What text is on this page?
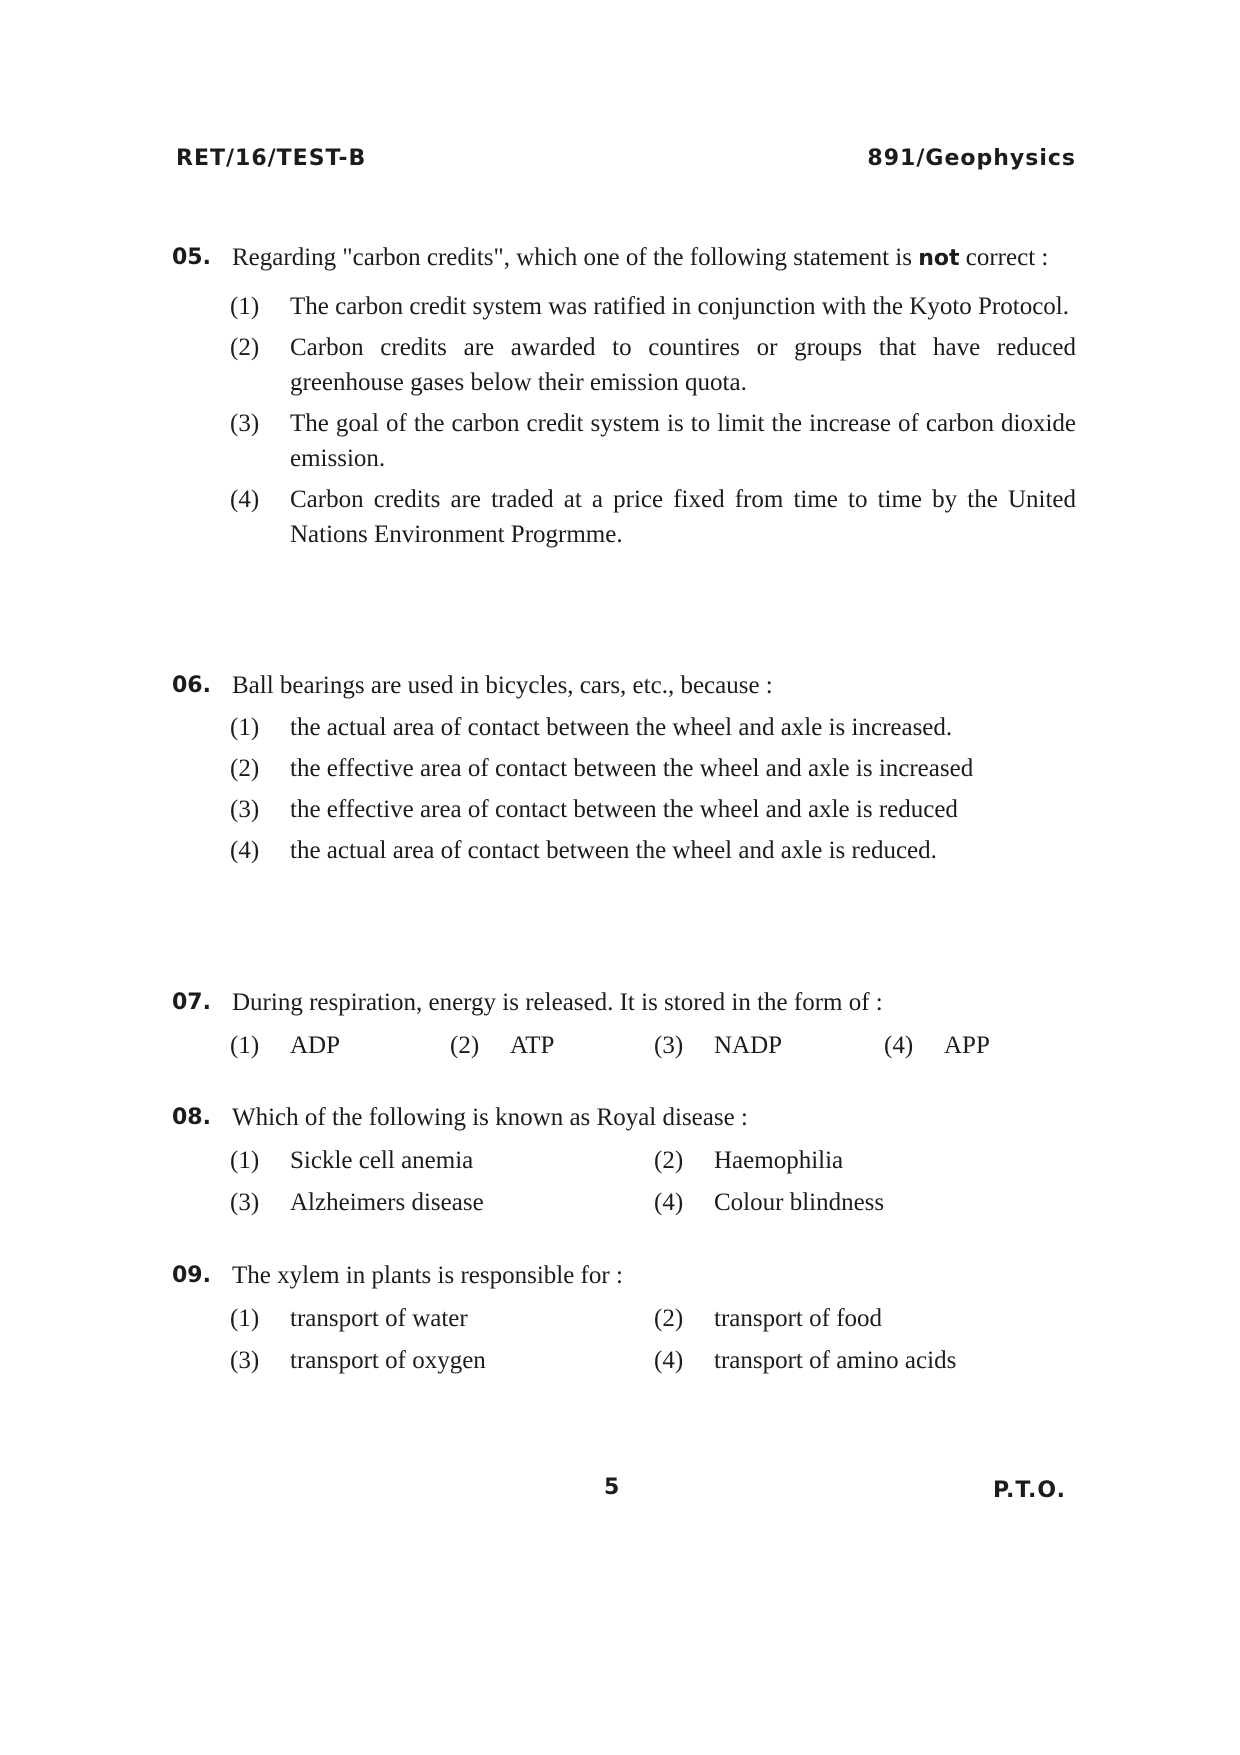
RET/16/TEST-B	891/Geophysics
05. Regarding "carbon credits", which one of the following statement is not correct :
(1)	The carbon credit system was ratified in conjunction with the Kyoto Protocol.
(2)	Carbon credits are awarded to countires or groups that have reduced greenhouse gases below their emission quota.
(3)	The goal of the carbon credit system is to limit the increase of carbon dioxide emission.
(4)	Carbon credits are traded at a price fixed from time to time by the United Nations Environment Progrmme.
06. Ball bearings are used in bicycles, cars, etc., because :
(1)	the actual area of contact between the wheel and axle is increased.
(2)	the effective area of contact between the wheel and axle is increased
(3)	the effective area of contact between the wheel and axle is reduced
(4)	the actual area of contact between the wheel and axle is reduced.
07. During respiration, energy is released. It is stored in the form of :
(1) ADP	(2) ATP	(3) NADP	(4) APP
08. Which of the following is known as Royal disease :
(1) Sickle cell anemia	(2) Haemophilia
(3) Alzheimers disease	(4) Colour blindness
09. The xylem in plants is responsible for :
(1) transport of water	(2) transport of food
(3) transport of oxygen	(4) transport of amino acids
5	P.T.O.
